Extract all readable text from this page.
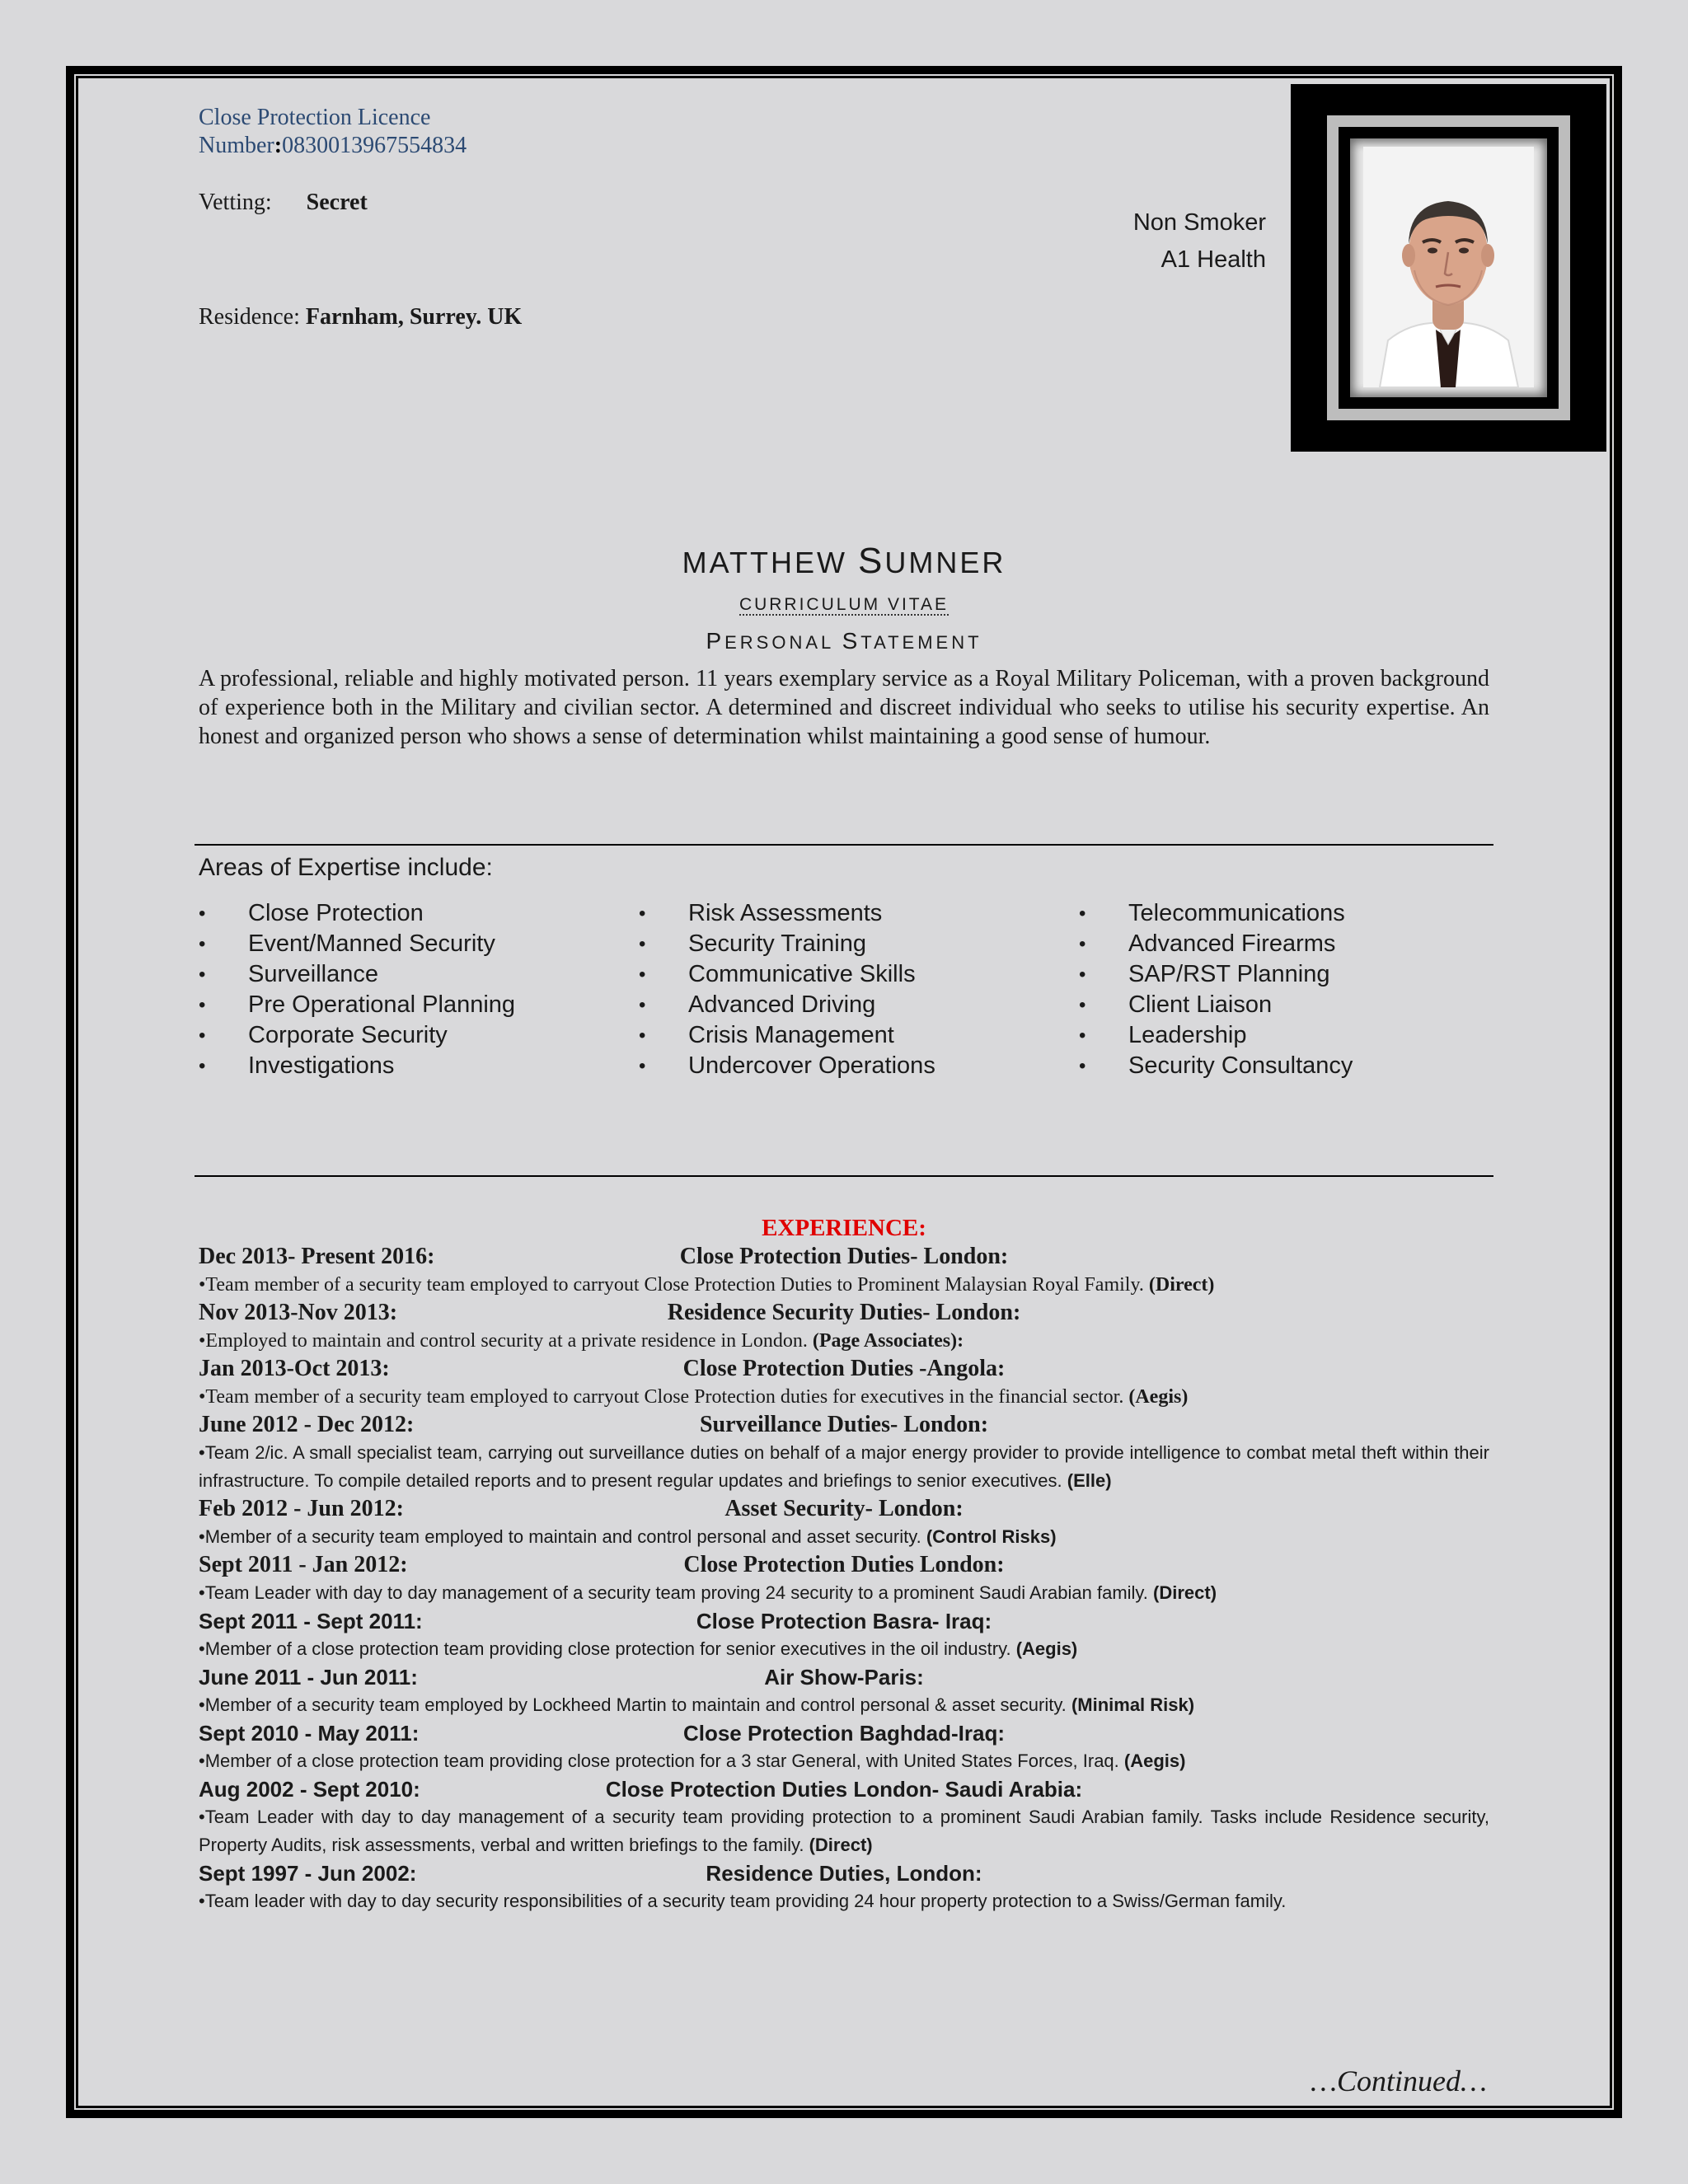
Close Protection Licence
Number:0830013967554834
Vetting: Secret
Residence: Farnham, Surrey. UK
Non Smoker
A1 Health
MATTHEW SUMNER
CURRICULUM VITAE
PERSONAL STATEMENT
A professional, reliable and highly motivated person. 11 years exemplary service as a Royal Military Policeman, with a proven background of experience both in the Military and civilian sector. A determined and discreet individual who seeks to utilise his security expertise. An honest and organized person who shows a sense of determination whilst maintaining a good sense of humour.
Areas of Expertise include:
• Close Protection
• Event/Manned Security
• Surveillance
• Pre Operational Planning
• Corporate Security
• Investigations
• Risk Assessments
• Security Training
• Communicative Skills
• Advanced Driving
• Crisis Management
• Undercover Operations
• Telecommunications
• Advanced Firearms
• SAP/RST Planning
• Client Liaison
• Leadership
• Security Consultancy
EXPERIENCE:
Dec 2013- Present 2016:	Close Protection Duties- London:
•Team member of a security team employed to carryout Close Protection Duties to Prominent Malaysian Royal Family. (Direct)
Nov 2013-Nov 2013:	Residence Security Duties- London:
•Employed to maintain and control security at a private residence in London. (Page Associates):
Jan 2013-Oct 2013:	Close Protection Duties -Angola:
•Team member of a security team employed to carryout Close Protection duties for executives in the financial sector. (Aegis)
June 2012 - Dec 2012:	Surveillance Duties- London:
•Team 2/ic. A small specialist team, carrying out surveillance duties on behalf of a major energy provider to provide intelligence to combat metal theft within their infrastructure. To compile detailed reports and to present regular updates and briefings to senior executives. (Elle)
Feb 2012 - Jun 2012:	Asset Security- London:
•Member of a security team employed to maintain and control personal and asset security. (Control Risks)
Sept 2011 - Jan 2012:	Close Protection Duties London:
•Team Leader with day to day management of a security team proving 24 security to a prominent Saudi Arabian family. (Direct)
Sept 2011 - Sept 2011:	Close Protection Basra- Iraq:
•Member of a close protection team providing close protection for senior executives in the oil industry. (Aegis)
June 2011 - Jun 2011:	Air Show-Paris:
•Member of a security team employed by Lockheed Martin to maintain and control personal & asset security. (Minimal Risk)
Sept 2010 - May 2011:	Close Protection Baghdad-Iraq:
•Member of a close protection team providing close protection for a 3 star General, with United States Forces, Iraq. (Aegis)
Aug 2002 - Sept 2010:	Close Protection Duties London- Saudi Arabia:
•Team Leader with day to day management of a security team providing protection to a prominent Saudi Arabian family. Tasks include Residence security, Property Audits, risk assessments, verbal and written briefings to the family. (Direct)
Sept 1997 - Jun 2002:	Residence Duties, London:
•Team leader with day to day security responsibilities of a security team providing 24 hour property protection to a Swiss/German family.
…Continued…
